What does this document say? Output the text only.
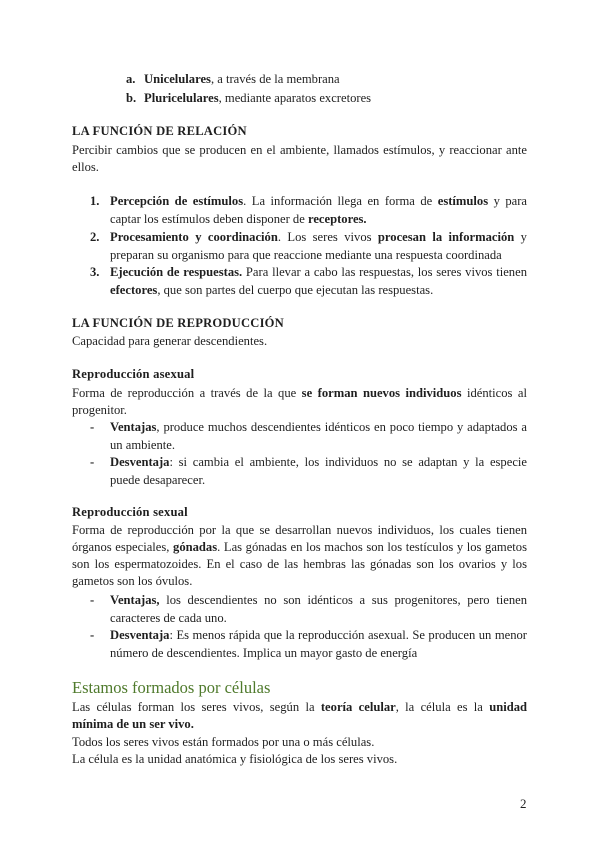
a. Unicelulares, a través de la membrana
b. Pluricelulares, mediante aparatos excretores
LA FUNCIÓN DE RELACIÓN

Percibir cambios que se producen en el ambiente, llamados estímulos, y reaccionar ante ellos.

1. Percepción de estímulos. La información llega en forma de estímulos y para captar los estímulos deben disponer de receptores.
2. Procesamiento y coordinación. Los seres vivos procesan la información y preparan su organismo para que reaccione mediante una respuesta coordinada
3. Ejecución de respuestas. Para llevar a cabo las respuestas, los seres vivos tienen efectores, que son partes del cuerpo que ejecutan las respuestas.
LA FUNCIÓN DE REPRODUCCIÓN

Capacidad para generar descendientes.

Reproducción asexual

Forma de reproducción a través de la que se forman nuevos individuos idénticos al progenitor.

- Ventajas, produce muchos descendientes idénticos en poco tiempo y adaptados a un ambiente.
- Desventaja: si cambia el ambiente, los individuos no se adaptan y la especie puede desaparecer.
Reproducción sexual

Forma de reproducción por la que se desarrollan nuevos individuos, los cuales tienen órganos especiales, gónadas. Las gónadas en los machos son los testículos y los gametos son los espermatozoides. En el caso de las hembras las gónadas son los ovarios y los gametos son los óvulos.

- Ventajas, los descendientes no son idénticos a sus progenitores, pero tienen caracteres de cada uno.
- Desventaja: Es menos rápida que la reproducción asexual. Se producen un menor número de descendientes. Implica un mayor gasto de energía
Estamos formados por células

Las células forman los seres vivos, según la teoría celular, la célula es la unidad mínima de un ser vivo.

Todos los seres vivos están formados por una o más células.

La célula es la unidad anatómica y fisiológica de los seres vivos.

2
